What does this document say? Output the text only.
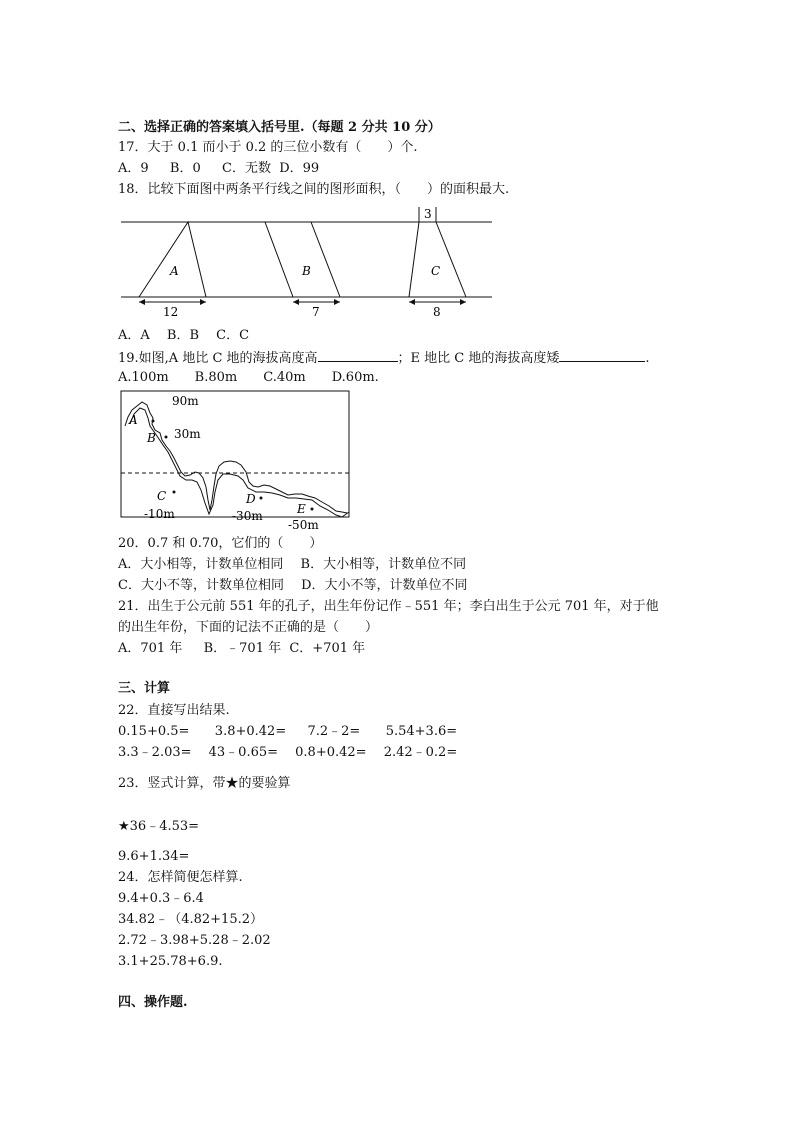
二、选择正确的答案填入括号里.（每题 2 分共 10 分）
17．大于 0.1 而小于 0.2 的三位小数有（　　）个.
A．9　  B．0　  C．无数  D．99
18．比较下面图中两条平行线之间的图形面积，（　　）的面积最大.
A	B	C
12	7
3
8
A．A　 B．B　 C．C
19.如图,A 地比 C 地的海拔高度高	；E 地比 C 地的海拔高度矮	.
A.100m　　B.80m　　C.40m　　D.60m.
A
B
C	D
E
90m
30m
-10m	-30m
-50m
20．0.7 和 0.70，它们的（　　）
A．大小相等，计数单位相同　 B．大小相等，计数单位不同
C．大小不等，计数单位相同　 D．大小不等，计数单位不同
21．出生于公元前 551 年的孔子，出生年份记作﹣551 年；李白出生于公元 701 年，对于他
的出生年份，下面的记法不正确的是（　　）
A．701 年　  B．﹣701 年  C．+701 年
三、计算
22．直接写出结果.
0.15+0.5=　   3.8+0.42=　  7.2﹣2=　   5.54+3.6=
3.3﹣2.03=　 43﹣0.65=　 0.8+0.42=　 2.42﹣0.2=
23．竖式计算，带★的要验算
★36﹣4.53=
9.6+1.34=
24．怎样简便怎样算.
9.4+0.3﹣6.4
34.82﹣（4.82+15.2）
2.72﹣3.98+5.28﹣2.02
3.1+25.78+6.9.
四、操作题.
